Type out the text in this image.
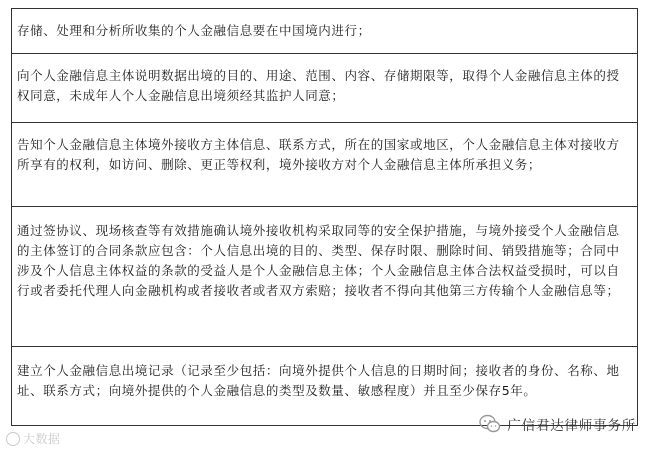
存储、处理和分析所收集的个人金融信息要在中国境内进行；
向个人金融信息主体说明数据出境的目的、用途、范围、内容、存储期限等，取得个人金融信息主体的授权同意，未成年人个人金融信息出境须经其监护人同意；
告知个人金融信息主体境外接收方主体信息、联系方式，所在的国家或地区，个人金融信息主体对接收方所享有的权利，如访问、删除、更正等权利，境外接收方对个人金融信息主体所承担义务；
通过签协议、现场核查等有效措施确认境外接收机构采取同等的安全保护措施，与境外接受个人金融信息的主体签订的合同条款应包含：个人信息出境的目的、类型、保存时限、删除时间、销毁措施等；合同中涉及个人信息主体权益的条款的受益人是个人金融信息主体；个人金融信息主体合法权益受损时，可以自行或者委托代理人向金融机构或者接收者或者双方索赔；接收者不得向其他第三方传输个人金融信息等；
建立个人金融信息出境记录（记录至少包括：向境外提供个人信息的日期时间；接收者的身份、名称、地址、联系方式；向境外提供的个人金融信息的类型及数量、敏感程度）并且至少保存5年。
大数据
广信君达律师事务所
